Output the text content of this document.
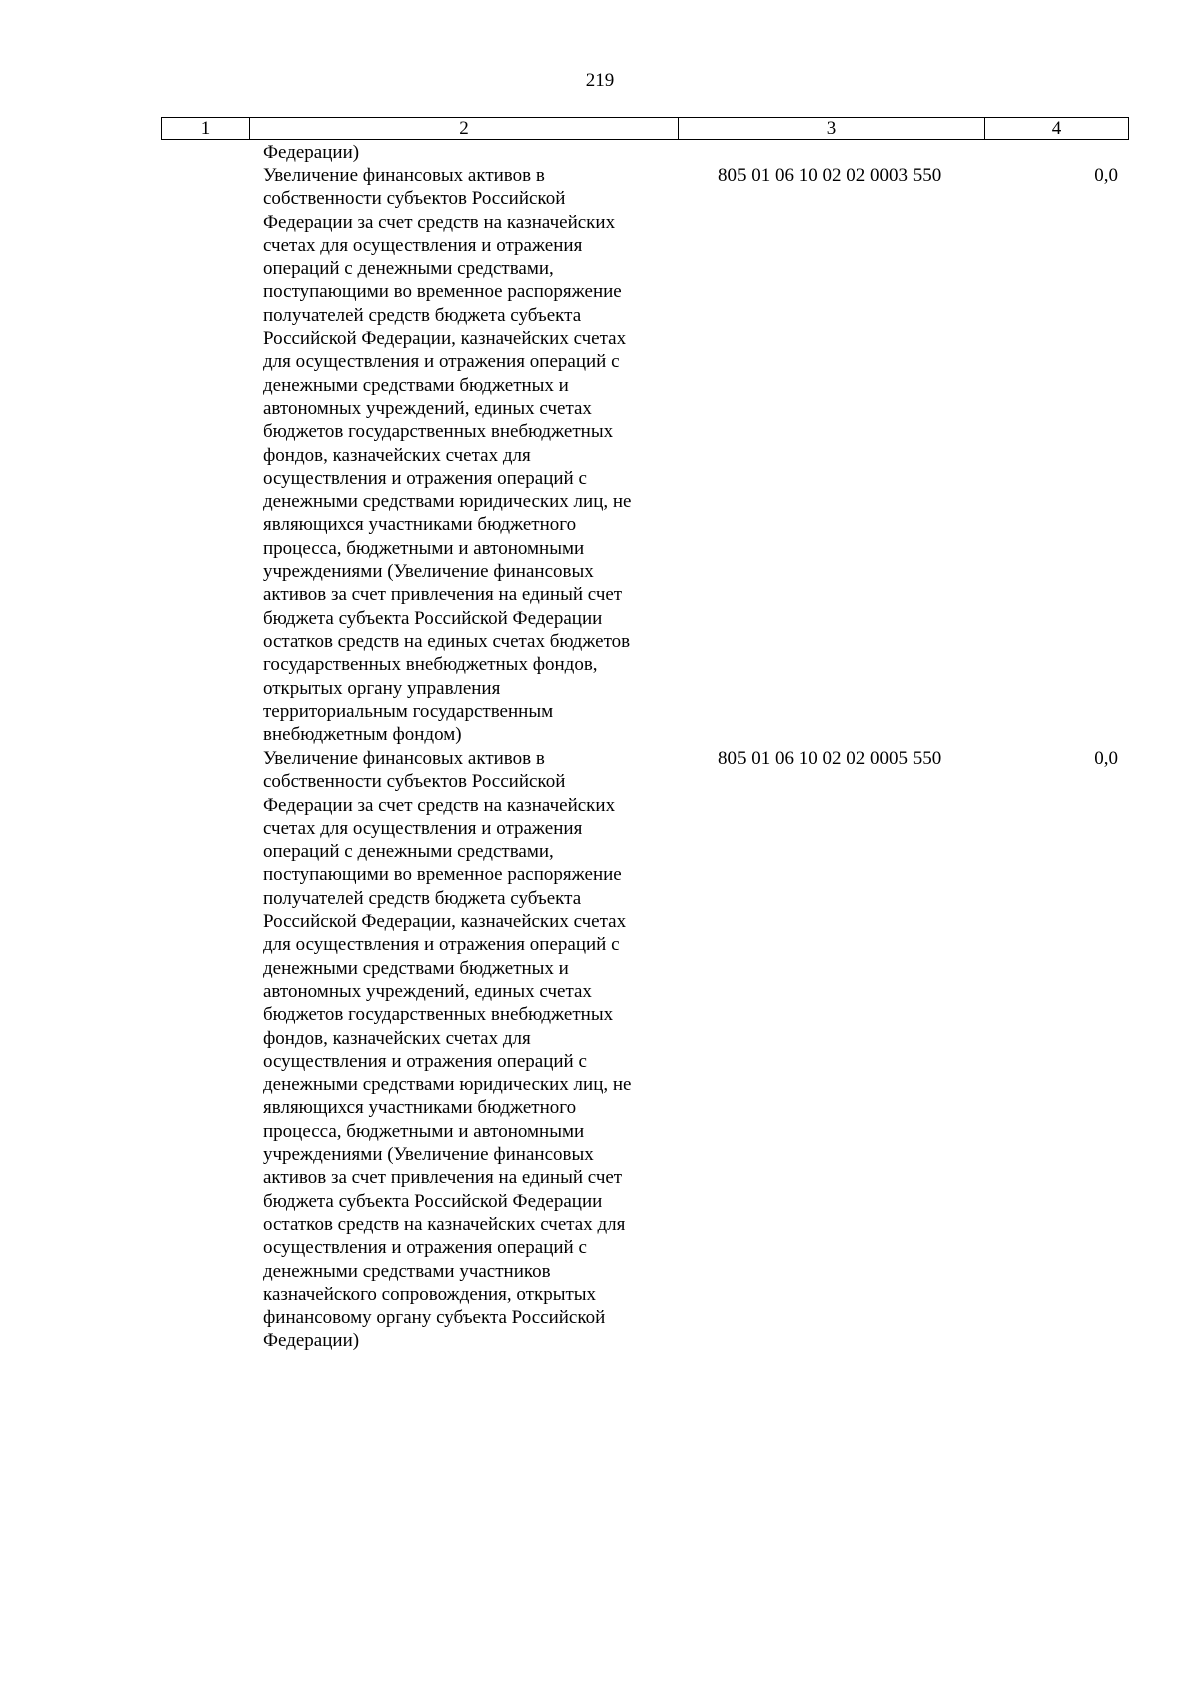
219
1	2	3	4
Федерации)
Увеличение финансовых активов в
собственности субъектов Российской
Федерации за счет средств на казначейских
счетах для осуществления и отражения
операций с денежными средствами,
поступающими во временное распоряжение
получателей средств бюджета субъекта
Российской Федерации, казначейских счетах
для осуществления и отражения операций с
денежными средствами бюджетных и
автономных учреждений, единых счетах
бюджетов государственных внебюджетных
фондов, казначейских счетах для
осуществления и отражения операций с
денежными средствами юридических лиц, не
являющихся участниками бюджетного
процесса, бюджетными и автономными
учреждениями (Увеличение финансовых
активов за счет привлечения на единый счет
бюджета субъекта Российской Федерации
остатков средств на единых счетах бюджетов
государственных внебюджетных фондов,
открытых органу управления
территориальным государственным
внебюджетным фондом)
805 01 06 10 02 02 0003 550	0,0
Увеличение финансовых активов в
собственности субъектов Российской
Федерации за счет средств на казначейских
счетах для осуществления и отражения
операций с денежными средствами,
поступающими во временное распоряжение
получателей средств бюджета субъекта
Российской Федерации, казначейских счетах
для осуществления и отражения операций с
денежными средствами бюджетных и
автономных учреждений, единых счетах
бюджетов государственных внебюджетных
фондов, казначейских счетах для
осуществления и отражения операций с
денежными средствами юридических лиц, не
являющихся участниками бюджетного
процесса, бюджетными и автономными
учреждениями (Увеличение финансовых
активов за счет привлечения на единый счет
бюджета субъекта Российской Федерации
остатков средств на казначейских счетах для
осуществления и отражения операций с
денежными средствами участников
казначейского сопровождения, открытых
финансовому органу субъекта Российской
Федерации)
805 01 06 10 02 02 0005 550	0,0
